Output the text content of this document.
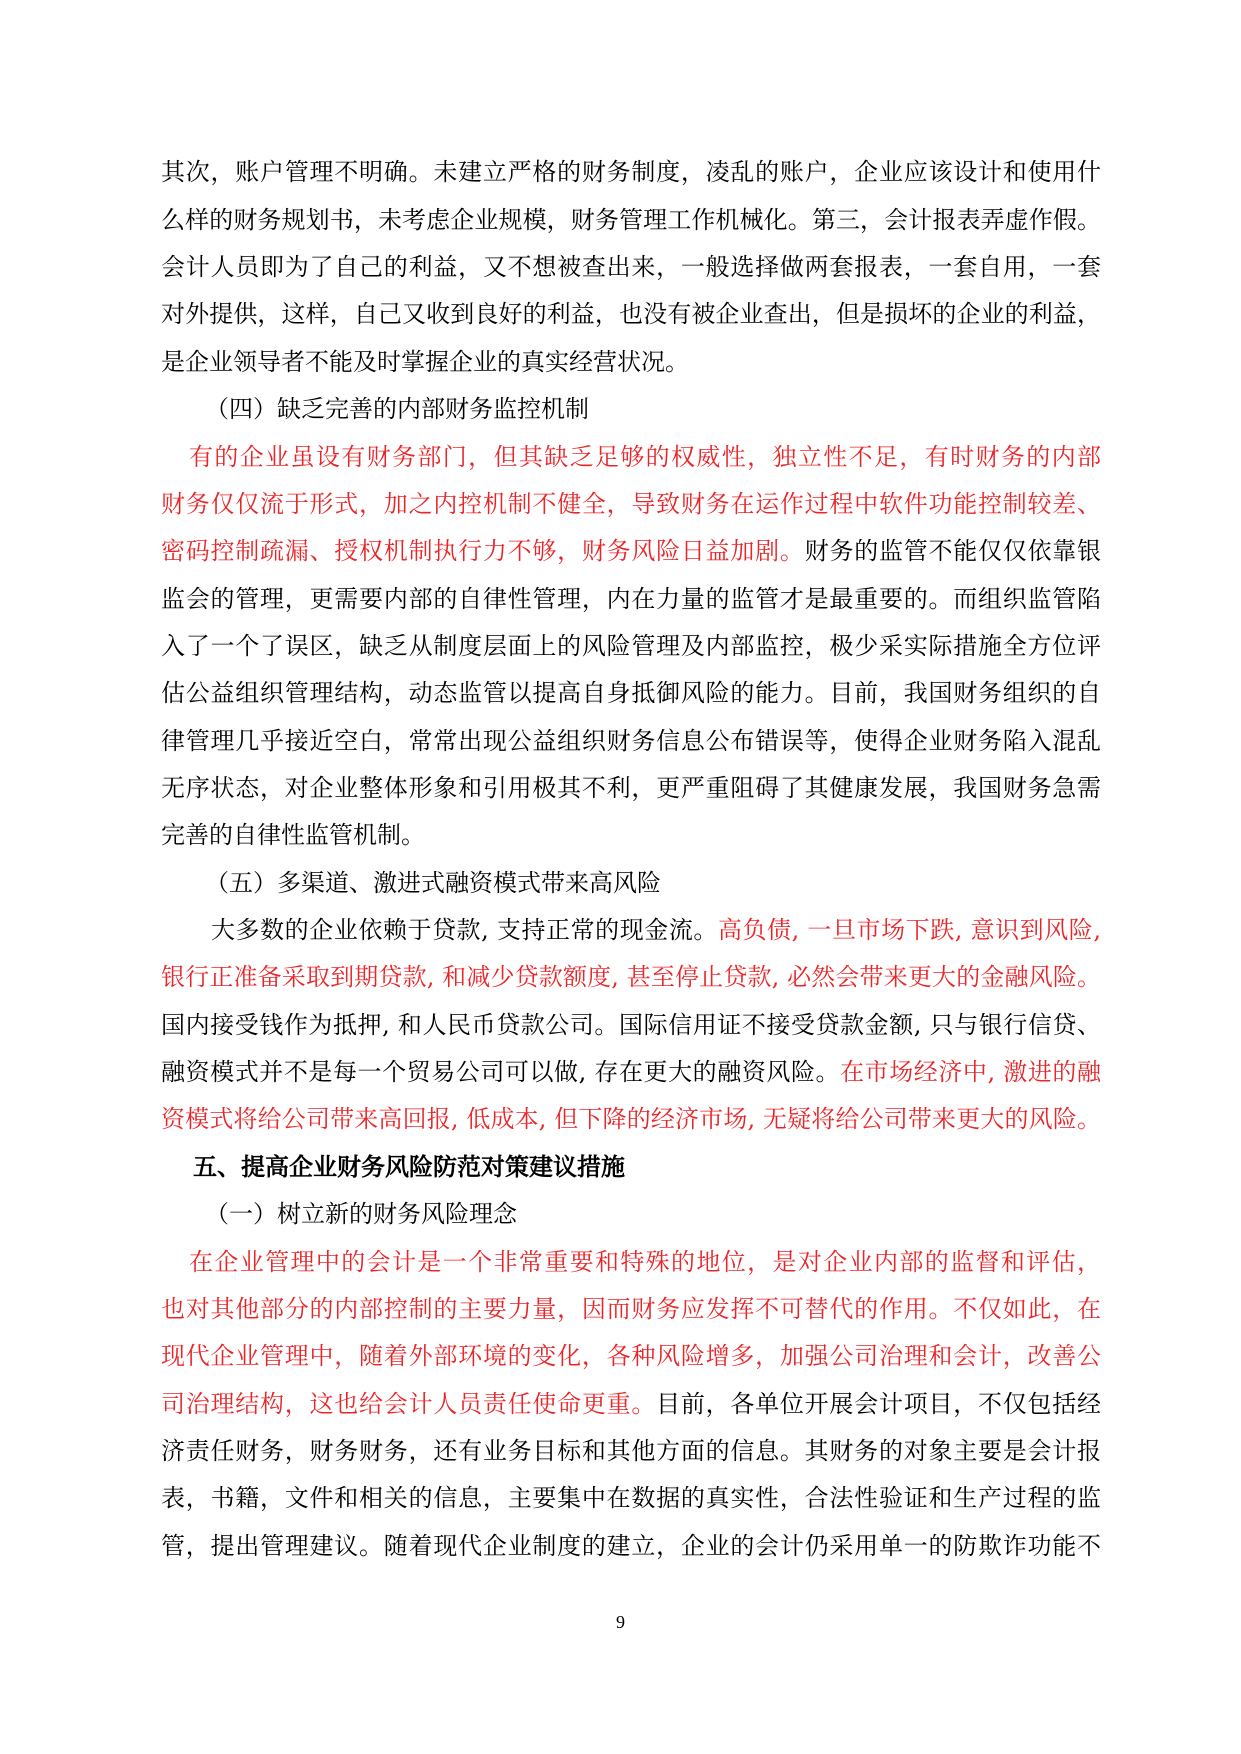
其次，账户管理不明确。未建立严格的财务制度，凌乱的账户，企业应该设计和使用什
么样的财务规划书，未考虑企业规模，财务管理工作机械化。第三，会计报表弄虚作假。
会计人员即为了自己的利益，又不想被查出来，一般选择做两套报表，一套自用，一套
对外提供，这样，自己又收到良好的利益，也没有被企业查出，但是损坏的企业的利益，
是企业领导者不能及时掌握企业的真实经营状况。
（四）缺乏完善的内部财务监控机制
有的企业虽设有财务部门，但其缺乏足够的权威性，独立性不足，有时财务的内部
财务仅仅流于形式，加之内控机制不健全，导致财务在运作过程中软件功能控制较差、
密码控制疏漏、授权机制执行力不够，财务风险日益加剧。财务的监管不能仅仅依靠银
监会的管理，更需要内部的自律性管理，内在力量的监管才是最重要的。而组织监管陷
入了一个了误区，缺乏从制度层面上的风险管理及内部监控，极少采实际措施全方位评
估公益组织管理结构，动态监管以提高自身抵御风险的能力。目前，我国财务组织的自
律管理几乎接近空白，常常出现公益组织财务信息公布错误等，使得企业财务陷入混乱
无序状态，对企业整体形象和引用极其不利，更严重阻碍了其健康发展，我国财务急需
完善的自律性监管机制。
（五）多渠道、激进式融资模式带来高风险
大多数的企业依赖于贷款, 支持正常的现金流。高负债, 一旦市场下跌, 意识到风险,
银行正准备采取到期贷款, 和减少贷款额度, 甚至停止贷款, 必然会带来更大的金融风险。
国内接受钱作为抵押, 和人民币贷款公司。国际信用证不接受贷款金额, 只与银行信贷、
融资模式并不是每一个贸易公司可以做, 存在更大的融资风险。在市场经济中, 激进的融
资模式将给公司带来高回报, 低成本, 但下降的经济市场, 无疑将给公司带来更大的风险。
五、提高企业财务风险防范对策建议措施
（一）树立新的财务风险理念
在企业管理中的会计是一个非常重要和特殊的地位，是对企业内部的监督和评估，
也对其他部分的内部控制的主要力量，因而财务应发挥不可替代的作用。不仅如此，在
现代企业管理中，随着外部环境的变化，各种风险增多，加强公司治理和会计，改善公
司治理结构，这也给会计人员责任使命更重。目前，各单位开展会计项目，不仅包括经
济责任财务，财务财务，还有业务目标和其他方面的信息。其财务的对象主要是会计报
表，书籍，文件和相关的信息，主要集中在数据的真实性，合法性验证和生产过程的监
管，提出管理建议。随着现代企业制度的建立，企业的会计仍采用单一的防欺诈功能不
9
